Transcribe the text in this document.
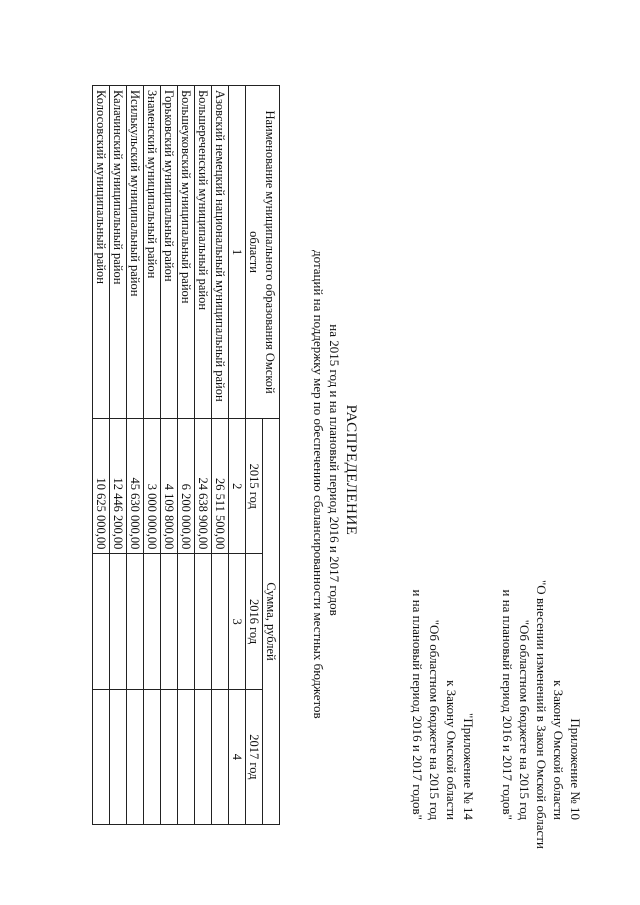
Приложение № 10
к Закону Омской области
"О внесении изменений в Закон Омской области
"Об областном бюджете на 2015 год
и на плановый период 2016 и 2017 годов"
"Приложение № 14
к Закону Омской области
"Об областном бюджете на 2015 год
и на плановый период 2016 и 2017 годов"
РАСПРЕДЕЛЕНИЕ
на 2015 год и на плановый период 2016 и 2017 годов
дотаций на поддержку мер по обеспечению сбалансированности местных бюджетов
Наименование муниципального образования Омской области	Сумма, рублей		
	2015 год	2016 год	2017 год
1	2	3	4
Азовский немецкий национальный муниципальный район	26 511 500,00		
Большереченский муниципальный район	24 638 900,00		
Большеуковский муниципальный район	6 200 000,00		
Горьковский муниципальный район	4 109 800,00		
Знаменский муниципальный район	3 000 000,00		
Исилькульский муниципальный район	45 630 000,00		
Калачинский муниципальный район	12 446 200,00		
Колосовский муниципальный район	10 625 000,00		
